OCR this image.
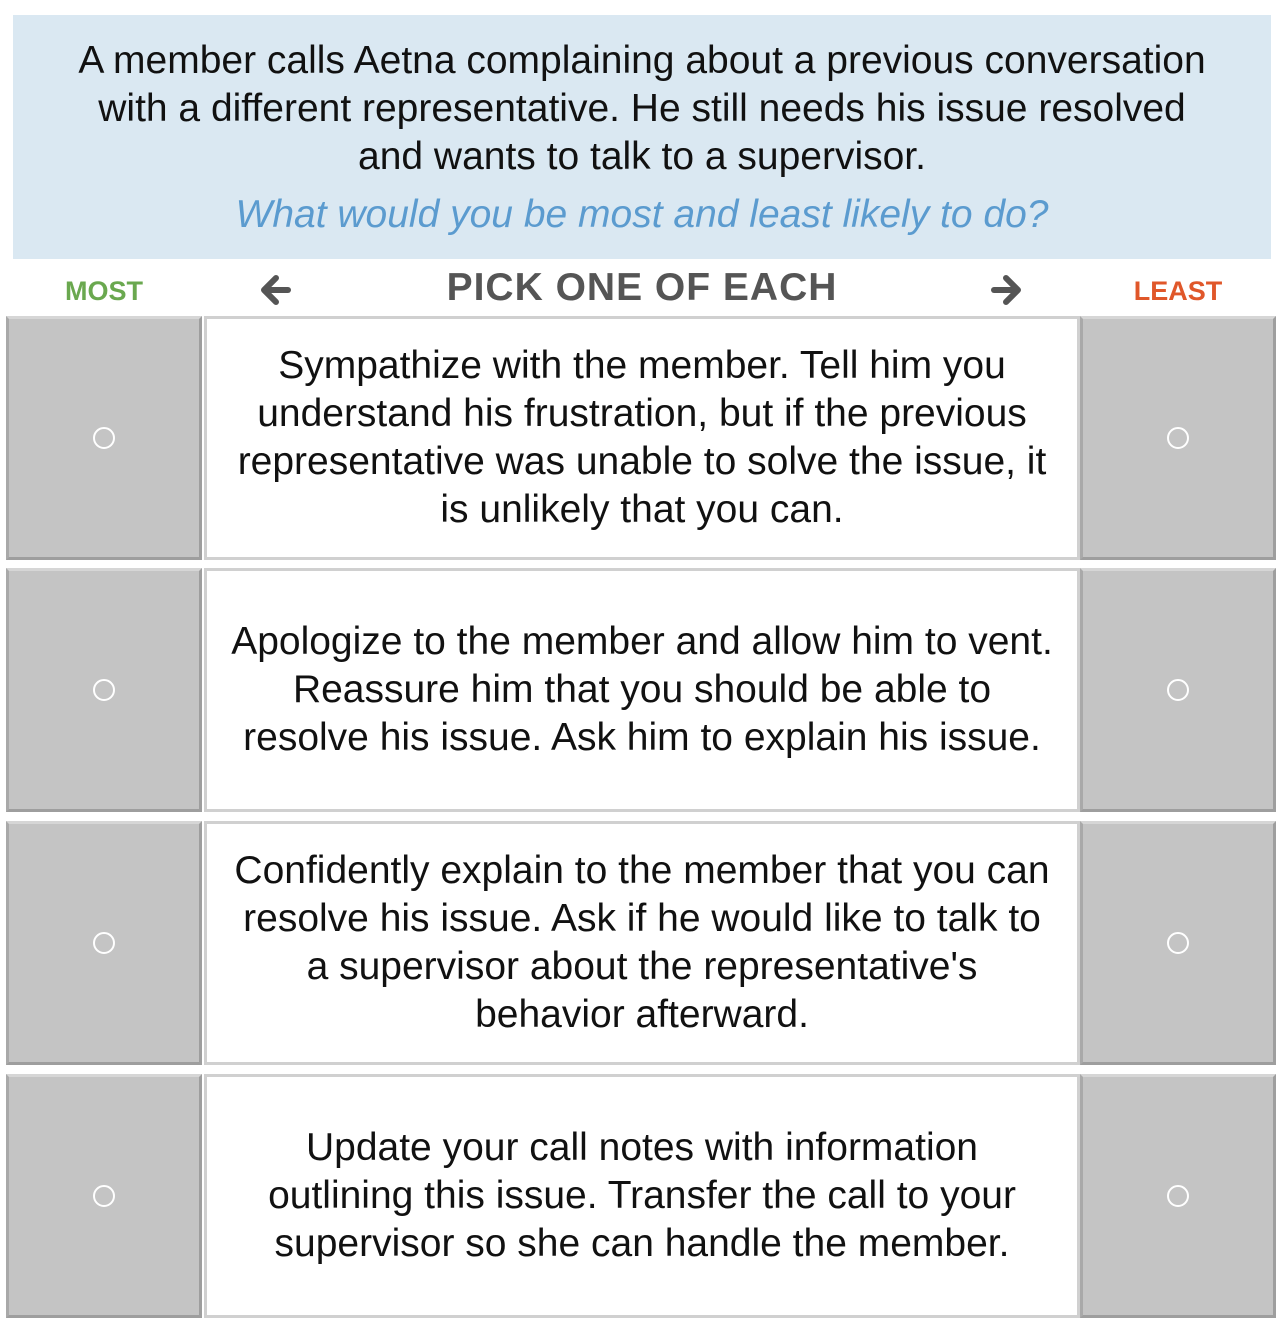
A member calls Aetna complaining about a previous conversation with a different representative. He still needs his issue resolved and wants to talk to a supervisor.
What would you be most and least likely to do?
MOST	PICK ONE OF EACH	LEAST
Sympathize with the member. Tell him you understand his frustration, but if the previous representative was unable to solve the issue, it is unlikely that you can.
Apologize to the member and allow him to vent. Reassure him that you should be able to resolve his issue. Ask him to explain his issue.
Confidently explain to the member that you can resolve his issue. Ask if he would like to talk to a supervisor about the representative's behavior afterward.
Update your call notes with information outlining this issue. Transfer the call to your supervisor so she can handle the member.
